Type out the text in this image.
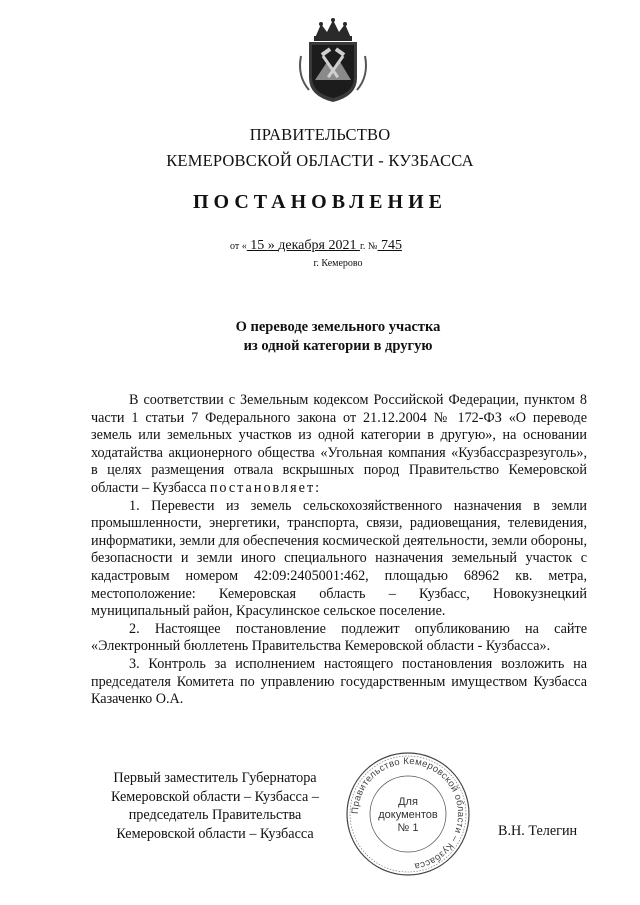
ПРАВИТЕЛЬСТВО
КЕМЕРОВСКОЙ ОБЛАСТИ - КУЗБАССА
ПОСТАНОВЛЕНИЕ
от « 15 » декабря 2021 г. № 745
г. Кемерово
О переводе земельного участка
из одной категории в другую

В соответствии с Земельным кодексом Российской Федерации, пунктом 8 части 1 статьи 7 Федерального закона от 21.12.2004 № 172-ФЗ «О переводе земель или земельных участков из одной категории в другую», на основании ходатайства акционерного общества «Угольная компания «Кузбассразрезуголь», в целях размещения отвала вскрышных пород Правительство Кемеровской области – Кузбасса постановляет:

1. Перевести из земель сельскохозяйственного назначения в земли промышленности, энергетики, транспорта, связи, радиовещания, телевидения, информатики, земли для обеспечения космической деятельности, земли обороны, безопасности и земли иного специального назначения земельный участок с кадастровым номером 42:09:2405001:462, площадью 68962 кв. метра, местоположение: Кемеровская область – Кузбасс, Новокузнецкий муниципальный район, Красулинское сельское поселение.

2. Настоящее постановление подлежит опубликованию на сайте «Электронный бюллетень Правительства Кемеровской области - Кузбасса».

3. Контроль за исполнением настоящего постановления возложить на председателя Комитета по управлению государственным имуществом Кузбасса Казаченко О.А.

Первый заместитель Губернатора
Кемеровской области – Кузбасса –
председатель Правительства
Кемеровской области – Кузбасса
Правительство Кемеровской области – Кузбасса
Для
документов
№ 1	В.Н. Телегин
